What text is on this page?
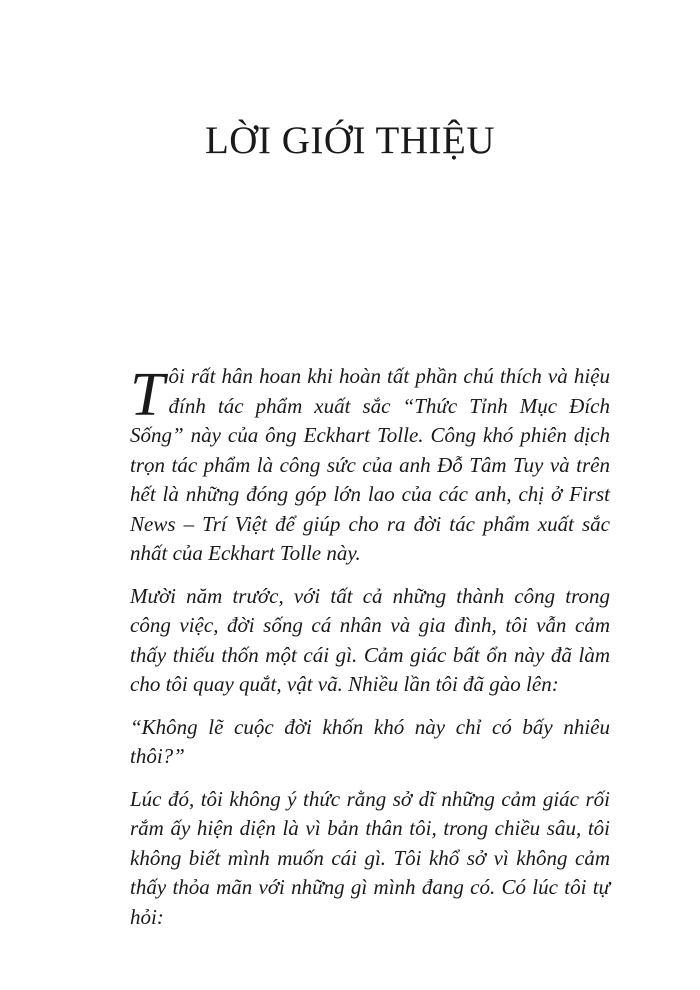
LỜI GIỚI THIỆU

Tôi rất hân hoan khi hoàn tất phần chú thích và hiệu đính tác phẩm xuất sắc “Thức Tỉnh Mục Đích Sống” này của ông Eckhart Tolle. Công khó phiên dịch trọn tác phẩm là công sức của anh Đỗ Tâm Tuy và trên hết là những đóng góp lớn lao của các anh, chị ở First News – Trí Việt để giúp cho ra đời tác phẩm xuất sắc nhất của Eckhart Tolle này.

Mười năm trước, với tất cả những thành công trong công việc, đời sống cá nhân và gia đình, tôi vẫn cảm thấy thiếu thốn một cái gì. Cảm giác bất ổn này đã làm cho tôi quay quắt, vật vã. Nhiều lần tôi đã gào lên:

“Không lẽ cuộc đời khốn khó này chỉ có bấy nhiêu thôi?”

Lúc đó, tôi không ý thức rằng sở dĩ những cảm giác rối rắm ấy hiện diện là vì bản thân tôi, trong chiều sâu, tôi không biết mình muốn cái gì. Tôi khổ sở vì không cảm thấy thỏa mãn với những gì mình đang có. Có lúc tôi tự hỏi:
